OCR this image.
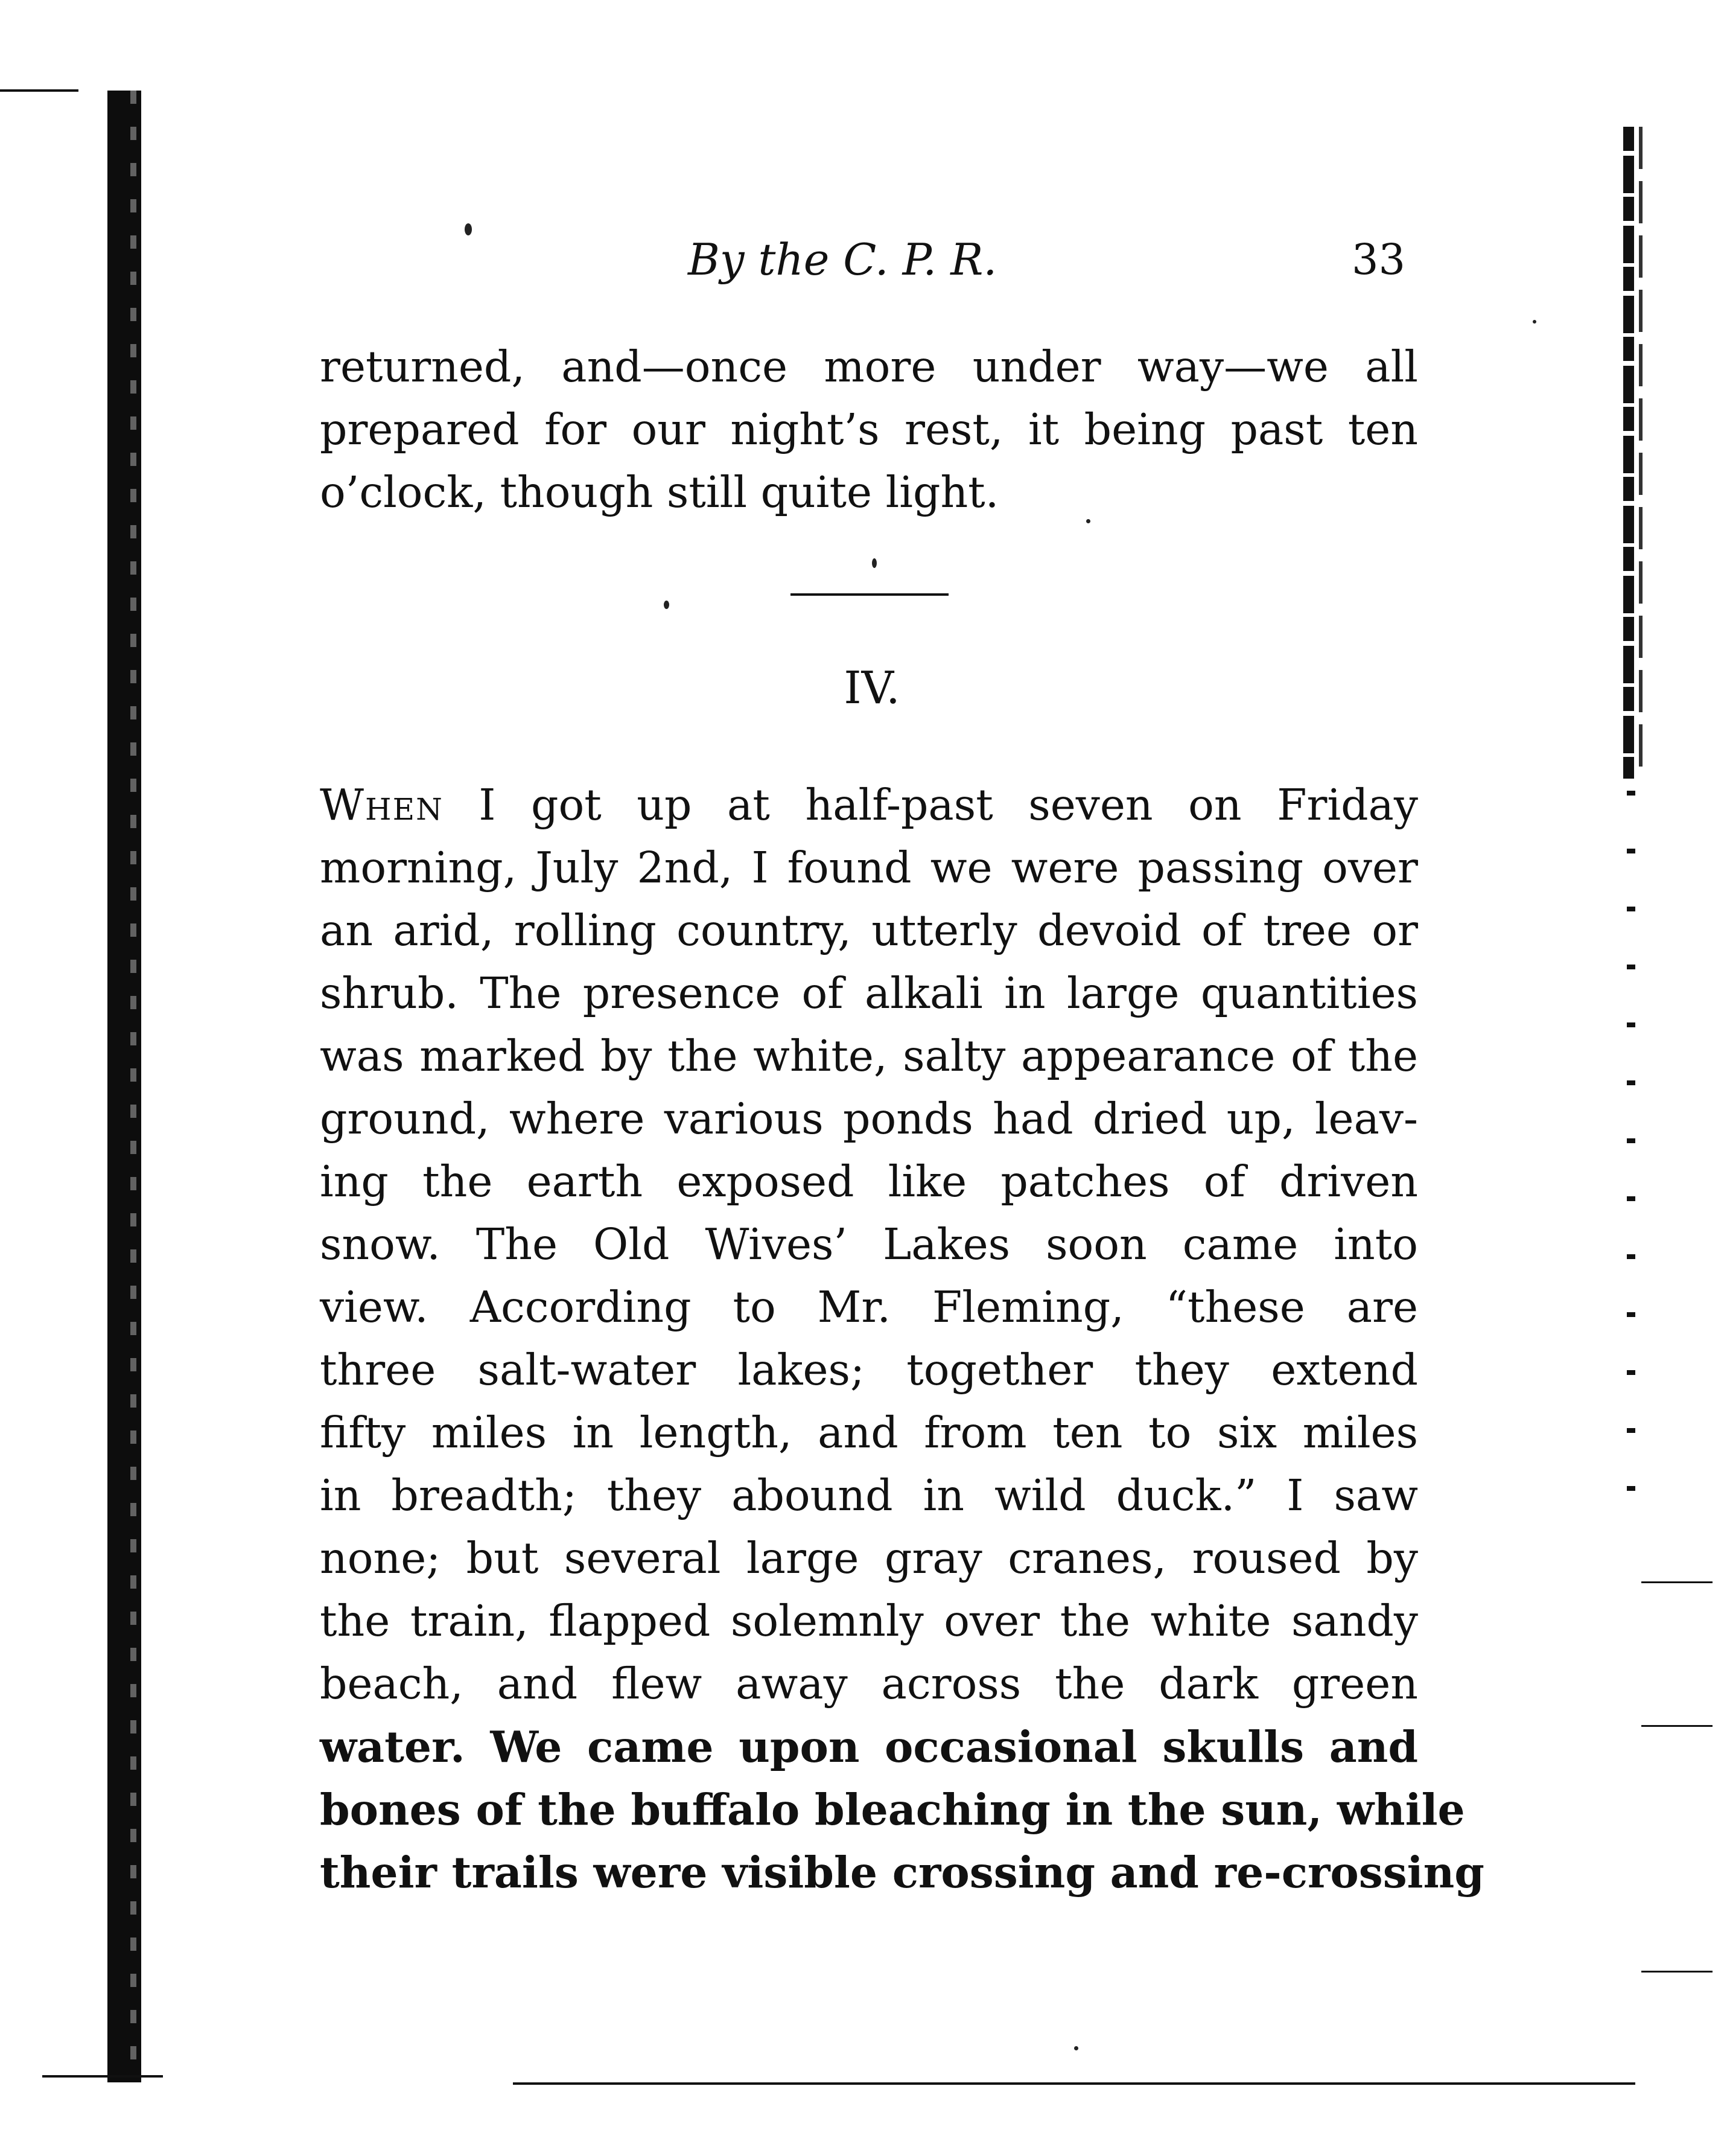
By the C. P. R.	33
returned, and—once more under way—we all
prepared for our night’s rest, it being past ten
o’clock, though still quite light.
IV.
When I got up at half-past seven on Friday
morning, July 2nd, I found we were passing over
an arid, rolling country, utterly devoid of tree or
shrub. The presence of alkali in large quantities
was marked by the white, salty appearance of the
ground, where various ponds had dried up, leav-
ing the earth exposed like patches of driven
snow. The Old Wives’ Lakes soon came into
view. According to Mr. Fleming, “these are
three salt-water lakes; together they extend
fifty miles in length, and from ten to six miles
in breadth; they abound in wild duck.” I saw
none; but several large gray cranes, roused by
the train, flapped solemnly over the white sandy
beach, and flew away across the dark green
water. We came upon occasional skulls and
bones of the buffalo bleaching in the sun, while
their trails were visible crossing and re-crossing
